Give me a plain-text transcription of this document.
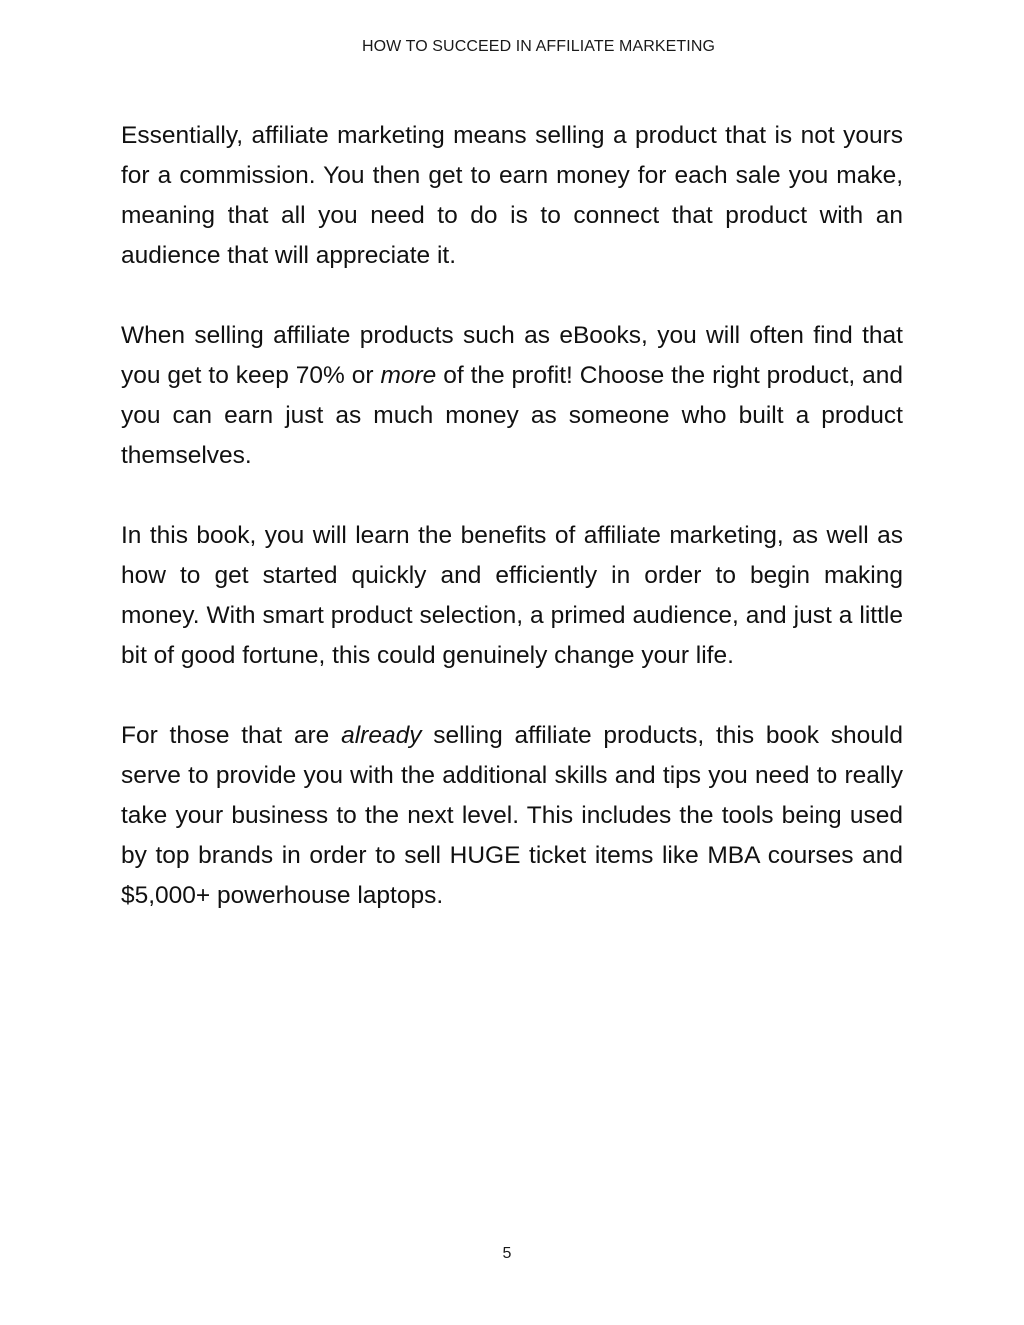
HOW TO SUCCEED IN AFFILIATE MARKETING

Essentially, affiliate marketing means selling a product that is not yours for a commission. You then get to earn money for each sale you make, meaning that all you need to do is to connect that product with an audience that will appreciate it.

When selling affiliate products such as eBooks, you will often find that you get to keep 70% or more of the profit! Choose the right product, and you can earn just as much money as someone who built a product themselves.

In this book, you will learn the benefits of affiliate marketing, as well as how to get started quickly and efficiently in order to begin making money. With smart product selection, a primed audience, and just a little bit of good fortune, this could genuinely change your life.

For those that are already selling affiliate products, this book should serve to provide you with the additional skills and tips you need to really take your business to the next level. This includes the tools being used by top brands in order to sell HUGE ticket items like MBA courses and $5,000+ powerhouse laptops.

5
